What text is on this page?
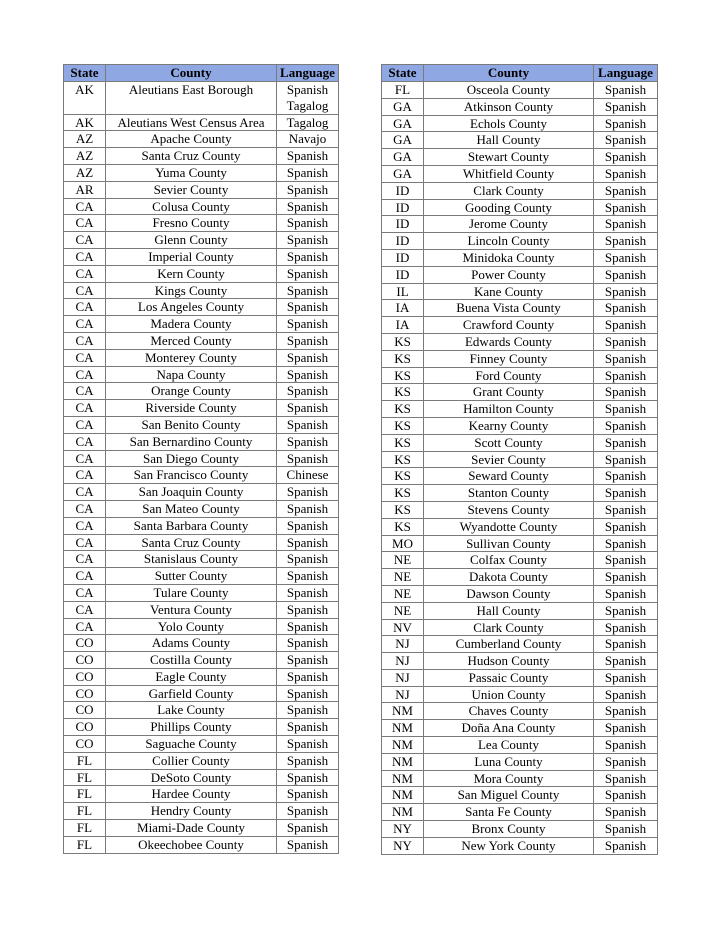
State	County	Language
AK	Aleutians East Borough	Spanish
Tagalog

AK	Aleutians West Census Area	Tagalog
AZ	Apache County	Navajo
AZ	Santa Cruz County	Spanish
AZ	Yuma County	Spanish
AR	Sevier County	Spanish
CA	Colusa County	Spanish
CA	Fresno County	Spanish
CA	Glenn County	Spanish
CA	Imperial County	Spanish
CA	Kern County	Spanish
CA	Kings County	Spanish
CA	Los Angeles County	Spanish
CA	Madera County	Spanish
CA	Merced County	Spanish
CA	Monterey County	Spanish
CA	Napa County	Spanish
CA	Orange County	Spanish
CA	Riverside County	Spanish
CA	San Benito County	Spanish
CA	San Bernardino County	Spanish
CA	San Diego County	Spanish
CA	San Francisco County	Chinese
CA	San Joaquin County	Spanish
CA	San Mateo County	Spanish
CA	Santa Barbara County	Spanish
CA	Santa Cruz County	Spanish
CA	Stanislaus County	Spanish
CA	Sutter County	Spanish
CA	Tulare County	Spanish
CA	Ventura County	Spanish
CA	Yolo County	Spanish
CO	Adams County	Spanish
CO	Costilla County	Spanish
CO	Eagle County	Spanish
CO	Garfield County	Spanish
CO	Lake County	Spanish
CO	Phillips County	Spanish
CO	Saguache County	Spanish
FL	Collier County	Spanish
FL	DeSoto County	Spanish
FL	Hardee County	Spanish
FL	Hendry County	Spanish
FL	Miami-Dade County	Spanish
FL	Okeechobee County	Spanish
State	County	Language
FL	Osceola County	Spanish
GA	Atkinson County	Spanish
GA	Echols County	Spanish
GA	Hall County	Spanish
GA	Stewart County	Spanish
GA	Whitfield County	Spanish
ID	Clark County	Spanish
ID	Gooding County	Spanish
ID	Jerome County	Spanish
ID	Lincoln County	Spanish
ID	Minidoka County	Spanish
ID	Power County	Spanish
IL	Kane County	Spanish
IA	Buena Vista County	Spanish
IA	Crawford County	Spanish
KS	Edwards County	Spanish
KS	Finney County	Spanish
KS	Ford County	Spanish
KS	Grant County	Spanish
KS	Hamilton County	Spanish
KS	Kearny County	Spanish
KS	Scott County	Spanish
KS	Sevier County	Spanish
KS	Seward County	Spanish
KS	Stanton County	Spanish
KS	Stevens County	Spanish
KS	Wyandotte County	Spanish
MO	Sullivan County	Spanish
NE	Colfax County	Spanish
NE	Dakota County	Spanish
NE	Dawson County	Spanish
NE	Hall County	Spanish
NV	Clark County	Spanish
NJ	Cumberland County	Spanish
NJ	Hudson County	Spanish
NJ	Passaic County	Spanish
NJ	Union County	Spanish
NM	Chaves County	Spanish
NM	Doña Ana County	Spanish
NM	Lea County	Spanish
NM	Luna County	Spanish
NM	Mora County	Spanish
NM	San Miguel County	Spanish
NM	Santa Fe County	Spanish
NY	Bronx County	Spanish
NY	New York County	Spanish
